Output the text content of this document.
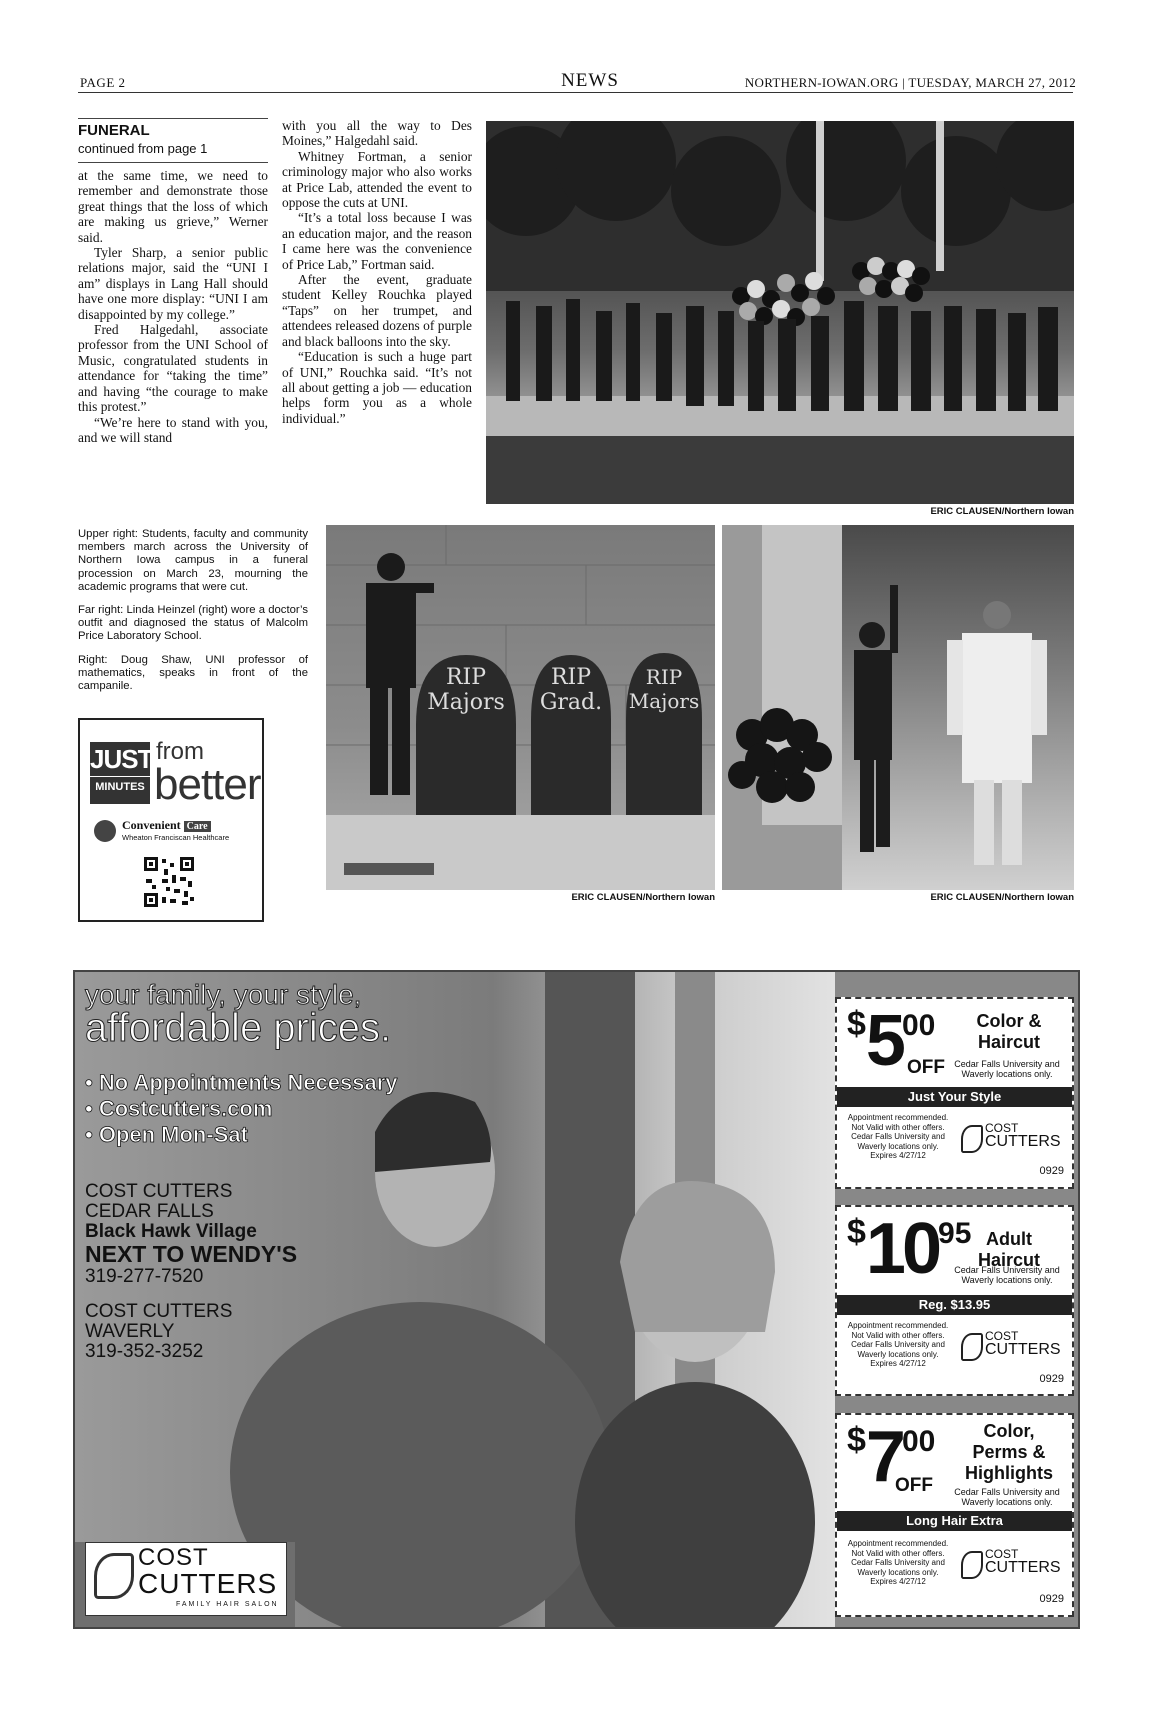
PAGE 2	NEWS	NORTHERN-IOWAN.ORG | TUESDAY, MARCH 27, 2012
FUNERAL
continued from page 1

at the same time, we need to remember and demonstrate those great things that the loss of which are making us grieve,” Werner said.

Tyler Sharp, a senior public relations major, said the “UNI I am” displays in Lang Hall should have one more display: “UNI I am disappointed by my college.”

Fred Halgedahl, associate professor from the UNI School of Music, congratulated students in attendance for “taking the time” and having “the courage to make this protest.”

“We’re here to stand with you, and we will stand

with you all the way to Des Moines,” Halgedahl said.

Whitney Fortman, a senior criminology major who also works at Price Lab, attended the event to oppose the cuts at UNI.

“It’s a total loss because I was an education major, and the reason I came here was the convenience of Price Lab,” Fortman said.

After the event, graduate student Kelley Rouchka played “Taps” on her trumpet, and attendees released dozens of purple and black balloons into the sky.

“Education is such a huge part of UNI,” Rouchka said. “It’s not all about getting a job — education helps form you as a whole individual.”

ERIC CLAUSEN/Northern Iowan

Upper right: Students, faculty and community members march across the University of Northern Iowa campus in a funeral procession on March 23, mourning the academic programs that were cut.

Far right: Linda Heinzel (right) wore a doctor’s outfit and diagnosed the status of Malcolm Price Laboratory School.

Right: Doug Shaw, UNI professor of mathematics, speaks in front of the campanile.

JUST
MINUTES
from
better
Convenient Care
Wheaton Franciscan Healthcare
RIP Majors
RIP Grad.
RIP Majors
ERIC CLAUSEN/Northern Iowan	ERIC CLAUSEN/Northern Iowan
your family, your style,
affordable prices.
• No Appointments Necessary
• Costcutters.com
• Open Mon-Sat
COST CUTTERS
CEDAR FALLS
Black Hawk Village
NEXT TO WENDY'S
319-277-7520
COST CUTTERS
WAVERLY
319-352-3252
COST
CUTTERS
FAMILY HAIR SALON
$500
OFF
Color & Haircut
Cedar Falls University and Waverly locations only.
Just Your Style
Appointment recommended.
Not Valid with other offers.
Cedar Falls University and
Waverly locations only.
Expires 4/27/12
COST
CUTTERS
0929
$1095 Adult Haircut
Cedar Falls University and Waverly locations only.
Reg. $13.95
Appointment recommended.
Not Valid with other offers.
Cedar Falls University and
Waverly locations only.
Expires 4/27/12
COST
CUTTERS
0929
$700
OFF
Color, Perms & Highlights
Cedar Falls University and Waverly locations only.
Long Hair Extra
Appointment recommended.
Not Valid with other offers.
Cedar Falls University and
Waverly locations only.
Expires 4/27/12
COST
CUTTERS
0929
